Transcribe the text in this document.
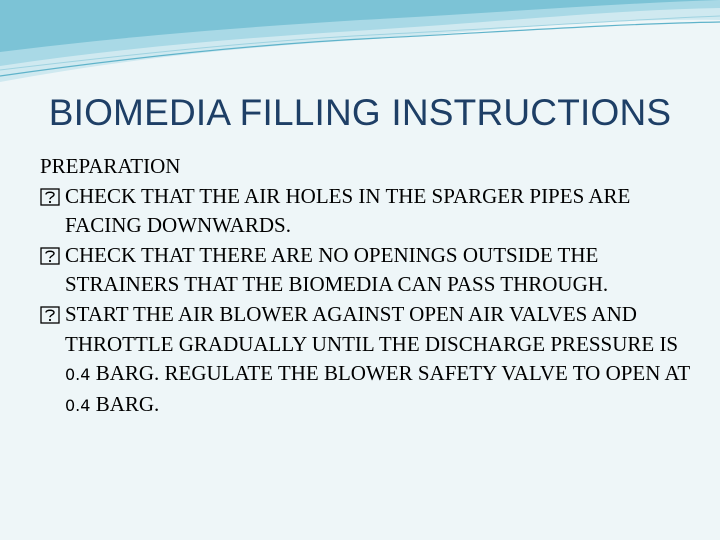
BIOMEDIA FILLING INSTRUCTIONS

PREPARATION

CHECK THAT THE AIR HOLES IN THE SPARGER PIPES ARE FACING DOWNWARDS.

CHECK THAT THERE ARE NO OPENINGS OUTSIDE THE STRAINERS THAT THE BIOMEDIA CAN PASS THROUGH.

START THE AIR BLOWER AGAINST OPEN AIR VALVES AND THROTTLE GRADUALLY UNTIL THE DISCHARGE PRESSURE IS 0.4 BARG. REGULATE THE BLOWER SAFETY VALVE TO OPEN AT 0.4 BARG.
